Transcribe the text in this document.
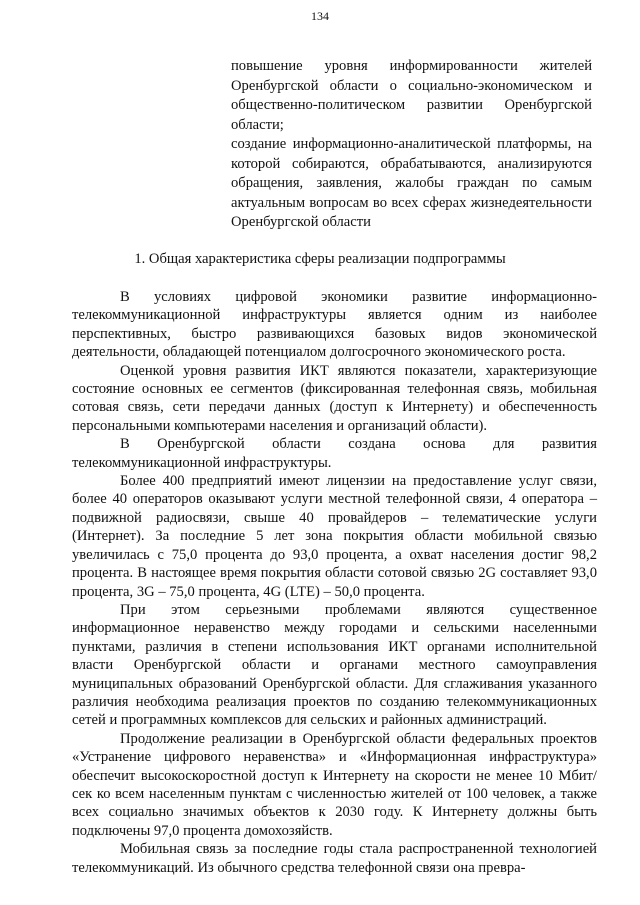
134

повышение уровня информированности жителей Оренбургской области о социально-экономическом и общественно-политическом развитии Оренбургской области;

создание информационно-аналитической платформы, на которой собираются, обрабатываются, анализируются обращения, заявления, жалобы граждан по самым актуальным вопросам во всех сферах жизнедеятельности Оренбургской области

1. Общая характеристика сферы реализации подпрограммы

В условиях цифровой экономики развитие информационно-телекоммуникационной инфраструктуры является одним из наиболее перспективных, быстро развивающихся базовых видов экономической деятельности, обладающей потенциалом долгосрочного экономического роста.

Оценкой уровня развития ИКТ являются показатели, характеризующие состояние основных ее сегментов (фиксированная телефонная связь, мобильная сотовая связь, сети передачи данных (доступ к Интернету) и обеспеченность персональными компьютерами населения и организаций области).

В Оренбургской области создана основа для развития телекоммуникационной инфраструктуры.

Более 400 предприятий имеют лицензии на предоставление услуг связи, более 40 операторов оказывают услуги местной телефонной связи, 4 оператора – подвижной радиосвязи, свыше 40 провайдеров – телематические услуги (Интернет). За последние 5 лет зона покрытия области мобильной связью увеличилась с 75,0 процента до 93,0 процента, а охват населения достиг 98,2 процента. В настоящее время покрытия области сотовой связью 2G составляет 93,0 процента, 3G – 75,0 процента, 4G (LTE) – 50,0 процента.

При этом серьезными проблемами являются существенное информационное неравенство между городами и сельскими населенными пунктами, различия в степени использования ИКТ органами исполнительной власти Оренбургской области и органами местного самоуправления муниципальных образований Оренбургской области. Для сглаживания указанного различия необходима реализация проектов по созданию телекоммуникационных сетей и программных комплексов для сельских и районных администраций.

Продолжение реализации в Оренбургской области федеральных проектов «Устранение цифрового неравенства» и «Информационная инфраструктура» обеспечит высокоскоростной доступ к Интернету на скорости не менее 10 Мбит/сек ко всем населенным пунктам с численностью жителей от 100 человек, а также всех социально значимых объектов к 2030 году. К Интернету должны быть подключены 97,0 процента домохозяйств.

Мобильная связь за последние годы стала распространенной технологией телекоммуникаций. Из обычного средства телефонной связи она превра-
